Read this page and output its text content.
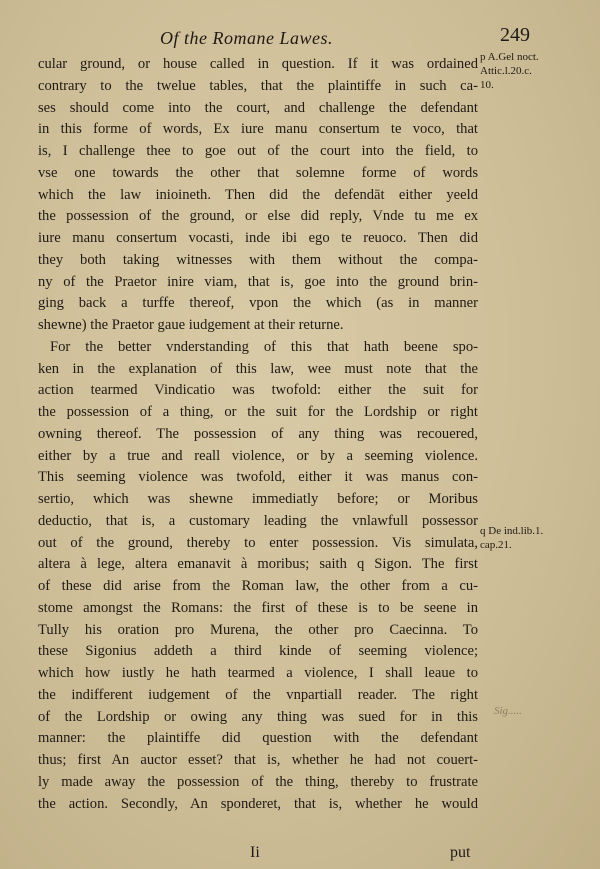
Of the Romane Lawes.	249
cular ground, or house called in question. If it was ordained
contrary to the twelue tables, that the plaintiffe in such ca-
ses should come into the court, and challenge the defendant
in this forme of words, Ex iure manu consertum te voco, that
is, I challenge thee to goe out of the court into the field, to
vse one towards the other that solemne forme of words
which the law inioineth. Then did the defendāt either yeeld
the possession of the ground, or else did reply, Vnde tu me ex
iure manu consertum vocasti, inde ibi ego te reuoco. Then did
they both taking witnesses with them without the compa-
ny of the Praetor inire viam, that is, goe into the ground brin-
ging back a turffe thereof, vpon the which (as in manner
shewne) the Praetor gaue iudgement at their returne.
For the better vnderstanding of this that hath beene spo-
ken in the explanation of this law, wee must note that the
action tearmed Vindicatio was twofold: either the suit for
the possession of a thing, or the suit for the Lordship or right
owning thereof. The possession of any thing was recouered,
either by a true and reall violence, or by a seeming violence.
This seeming violence was twofold, either it was manus con-
sertio, which was shewne immediatly before; or Moribus
deductio, that is, a customary leading the vnlawfull possessor
out of the ground, thereby to enter possession. Vis simulata,
altera à lege, altera emanavit à moribus; saith q Sigon. The first
of these did arise from the Roman law, the other from a cu-
stome amongst the Romans: the first of these is to be seene in
Tully his oration pro Murena, the other pro Caecinna. To
these Sigonius addeth a third kinde of seeming violence;
which how iustly he hath tearmed a violence, I shall leaue to
the indifferent iudgement of the vnpartiall reader. The right
of the Lordship or owing any thing was sued for in this
manner: the plaintiffe did question with the defendant
thus; first An auctor esset? that is, whether he had not couert-
ly made away the possession of the thing, thereby to frustrate
the action. Secondly, An sponderet, that is, whether he would
p A.Gel noct.
Attic.l.20.c.
10.
q De ind.lib.1.
cap.21.
Sig.....
Ii	put
